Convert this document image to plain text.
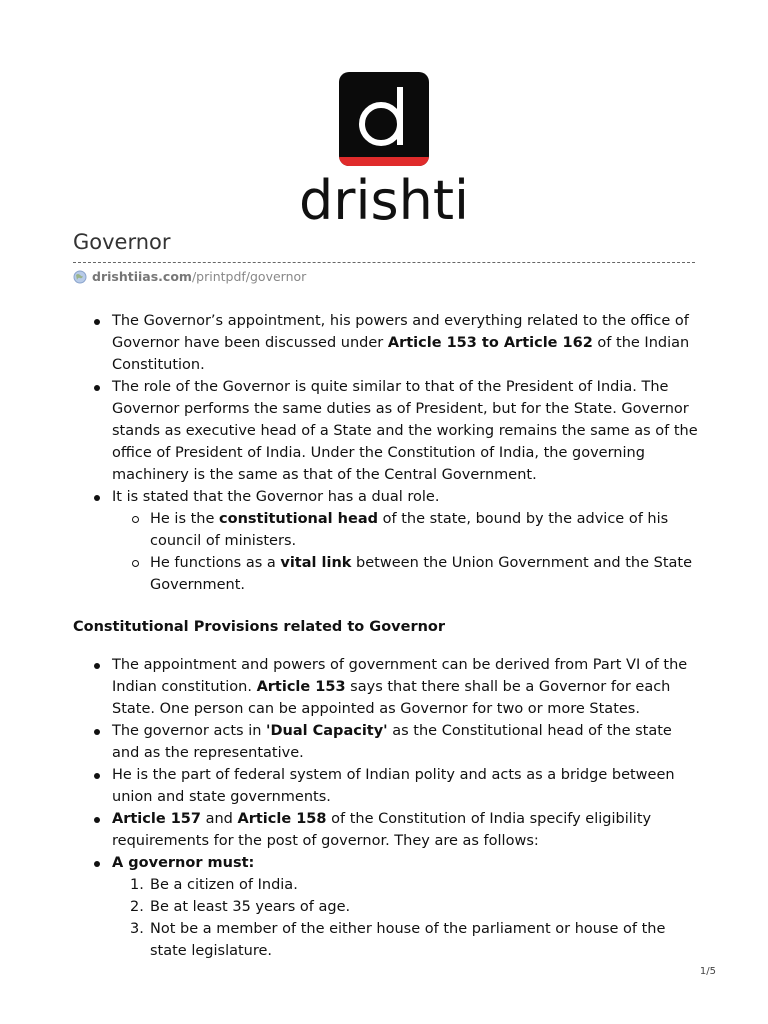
drishti
Governor
drishtiias.com /printpdf/governor
The Governor’s appointment, his powers and everything related to the office of Governor have been discussed under Article 153 to Article 162 of the Indian Constitution.
The role of the Governor is quite similar to that of the President of India. The Governor performs the same duties as of President, but for the State. Governor stands as executive head of a State and the working remains the same as of the office of President of India. Under the Constitution of India, the governing machinery is the same as that of the Central Government.
It is stated that the Governor has a dual role.
He is the constitutional head of the state, bound by the advice of his council of ministers.
He functions as a vital link between the Union Government and the State Government.
Constitutional Provisions related to Governor
The appointment and powers of government can be derived from Part VI of the Indian constitution. Article 153 says that there shall be a Governor for each State. One person can be appointed as Governor for two or more States.
The governor acts in 'Dual Capacity' as the Constitutional head of the state and as the representative.
He is the part of federal system of Indian polity and acts as a bridge between union and state governments.
Article 157 and Article 158 of the Constitution of India specify eligibility requirements for the post of governor. They are as follows:
A governor must:
1. Be a citizen of India.
2. Be at least 35 years of age.
3. Not be a member of the either house of the parliament or house of the state legislature.
1/5
